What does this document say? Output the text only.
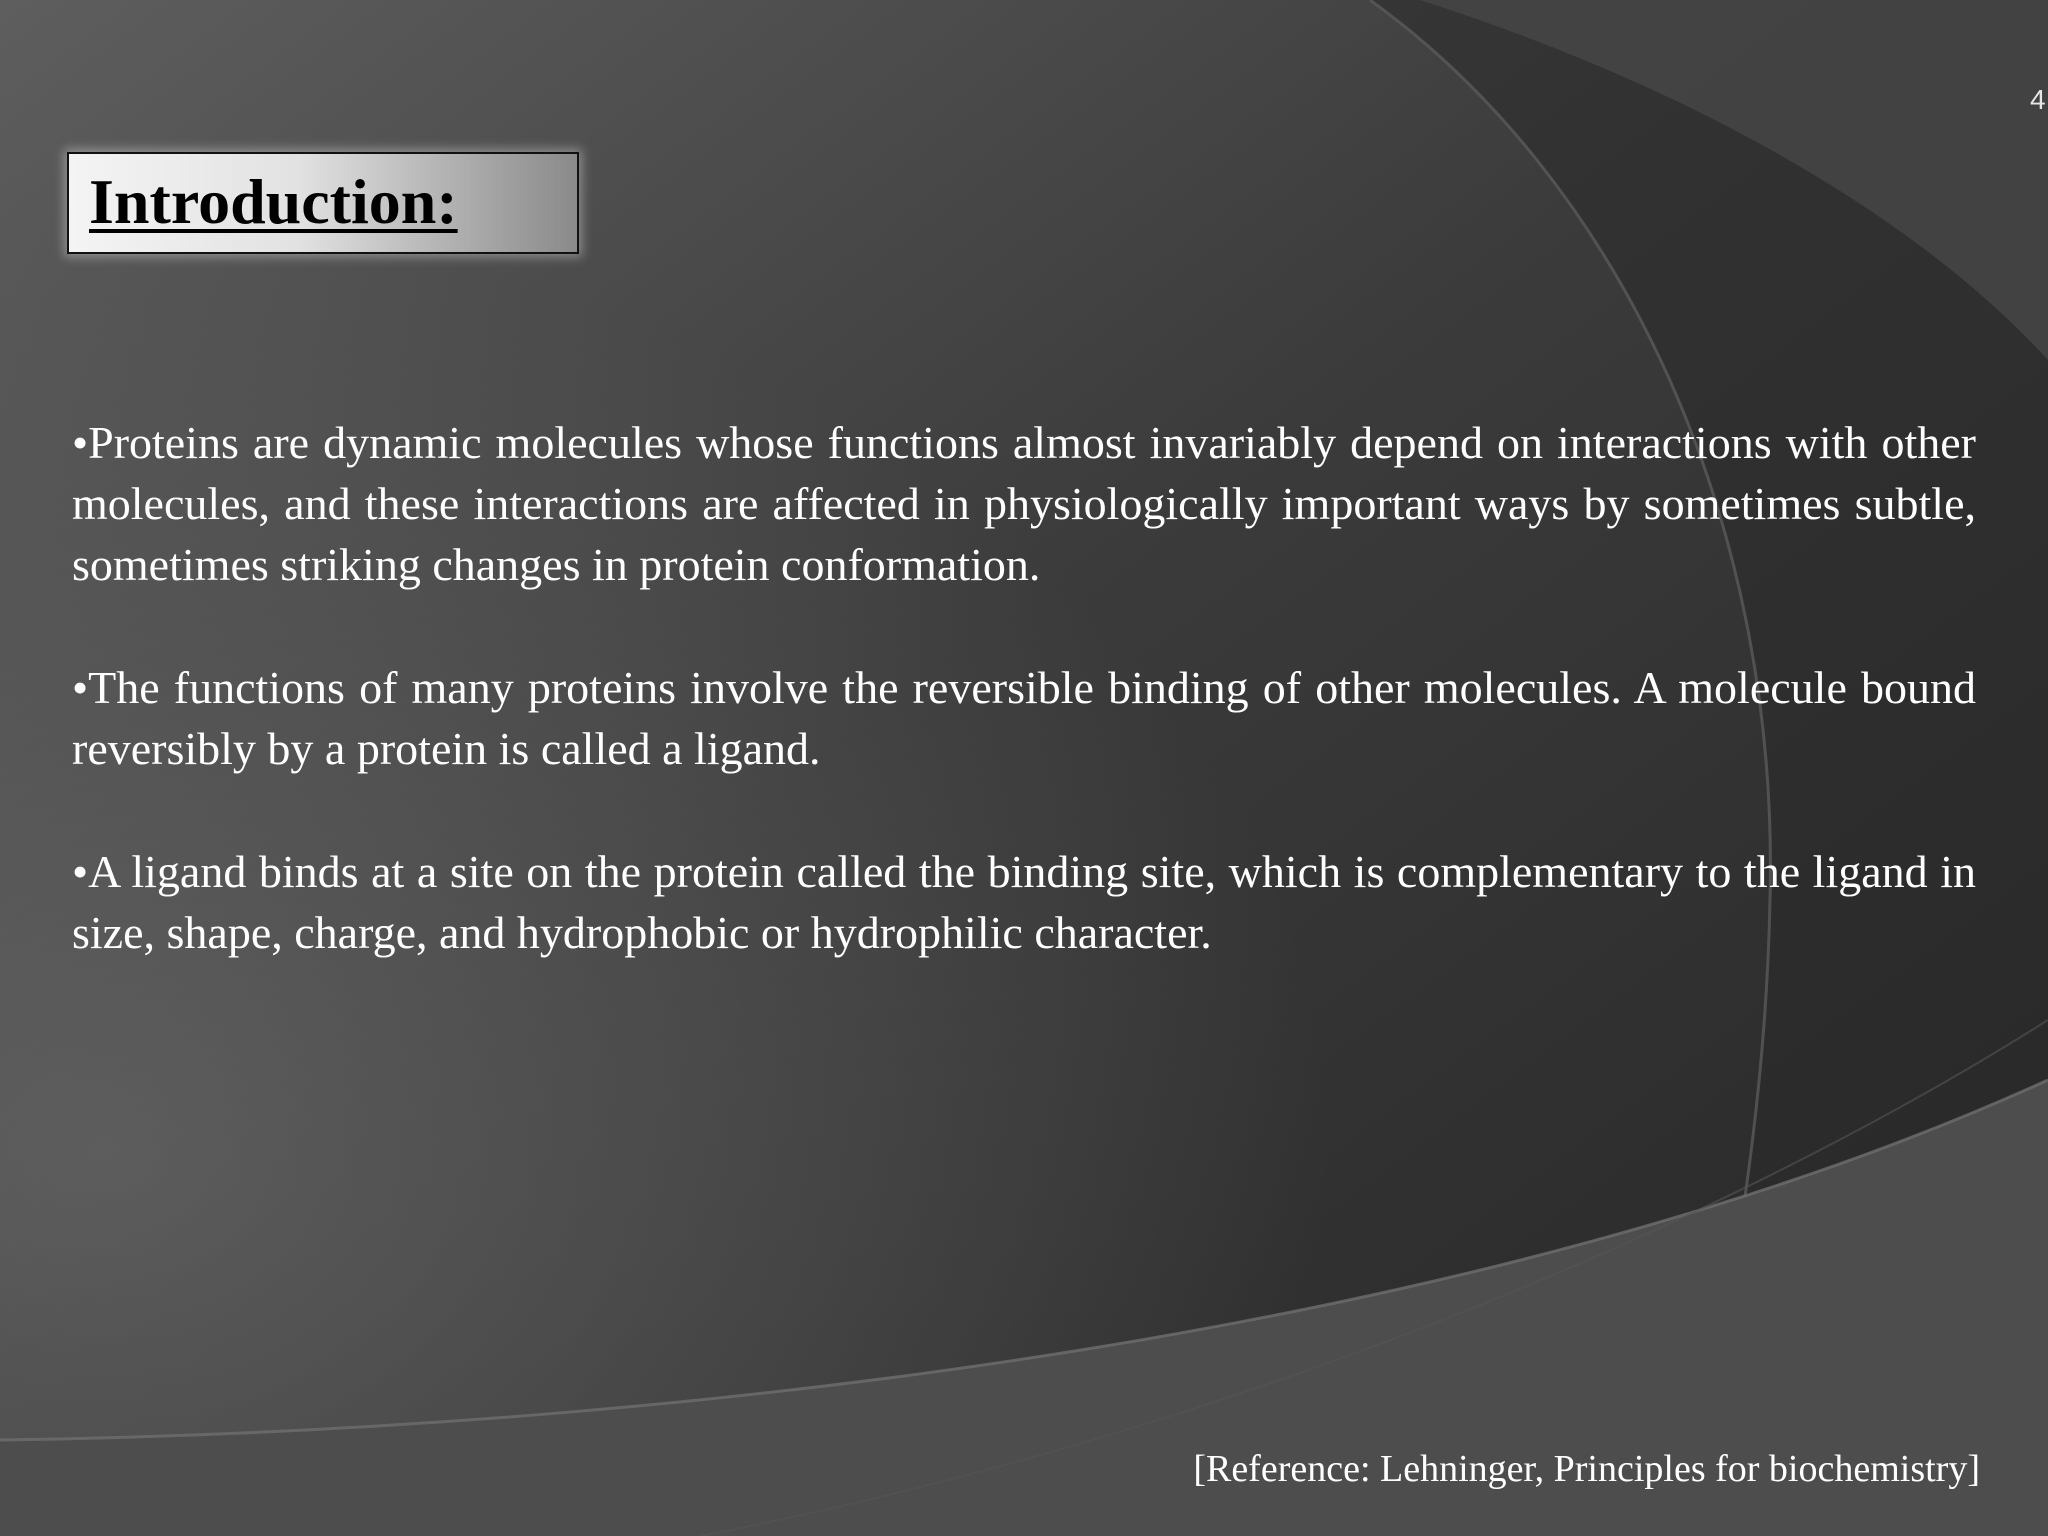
4
Introduction:

•Proteins are dynamic molecules whose functions almost invariably depend on interactions with other molecules, and these interactions are affected in physiologically important ways by sometimes subtle, sometimes striking changes in protein conformation.

•The functions of many proteins involve the reversible binding of other molecules. A molecule bound reversibly by a protein is called a ligand.

•A ligand binds at a site on the protein called the binding site, which is complementary to the ligand in size, shape, charge, and hydrophobic or hydrophilic character.

[Reference: Lehninger, Principles for biochemistry]
